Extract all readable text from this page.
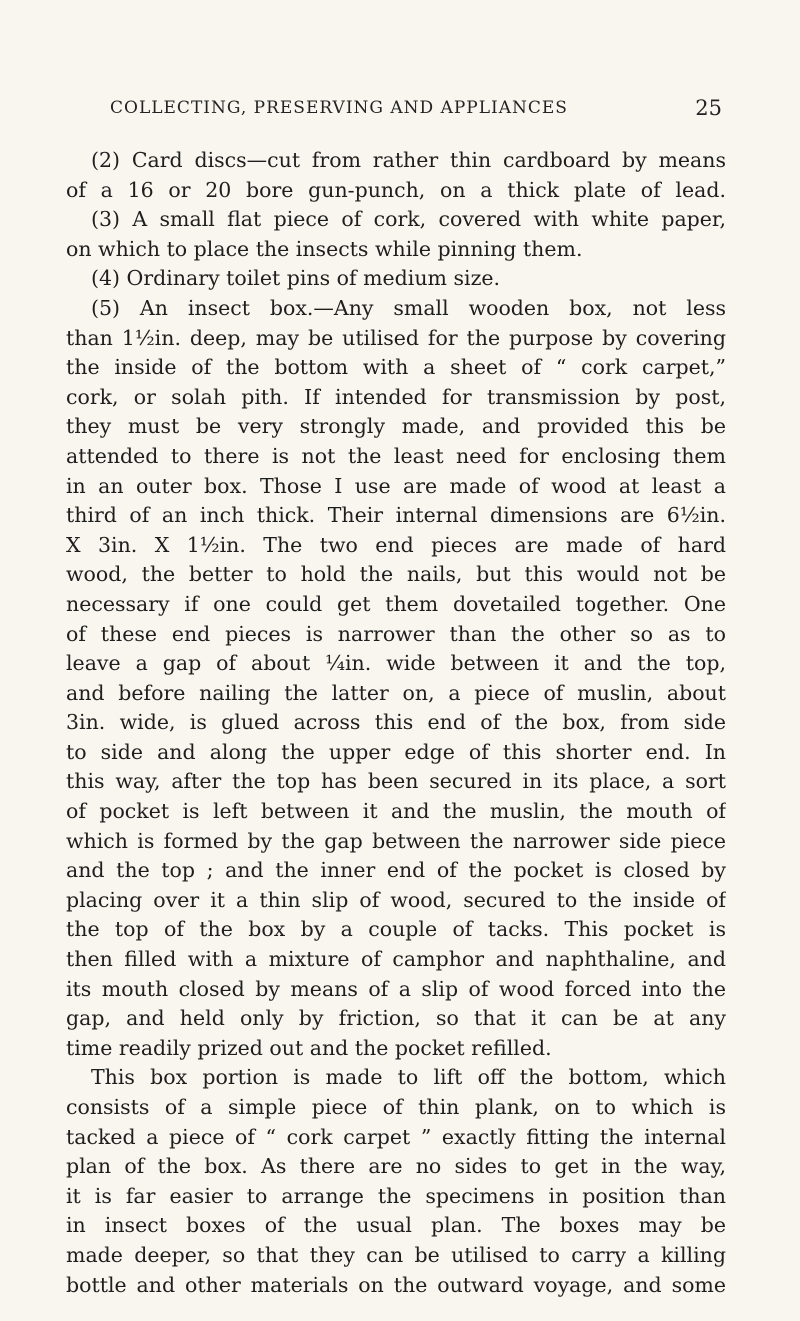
COLLECTING, PRESERVING AND APPLIANCES	25
(2) Card discs—cut from rather thin cardboard by means
of a 16 or 20 bore gun-punch, on a thick plate of lead.
(3) A small flat piece of cork, covered with white paper,
on which to place the insects while pinning them.
(4) Ordinary toilet pins of medium size.
(5) An insect box.—Any small wooden box, not less
than 1½in. deep, may be utilised for the purpose by covering
the inside of the bottom with a sheet of “ cork carpet,”
cork, or solah pith. If intended for transmission by post,
they must be very strongly made, and provided this be
attended to there is not the least need for enclosing them
in an outer box. Those I use are made of wood at least a
third of an inch thick. Their internal dimensions are 6½in.
X 3in. X 1½in. The two end pieces are made of hard
wood, the better to hold the nails, but this would not be
necessary if one could get them dovetailed together. One
of these end pieces is narrower than the other so as to
leave a gap of about ¼in. wide between it and the top,
and before nailing the latter on, a piece of muslin, about
3in. wide, is glued across this end of the box, from side
to side and along the upper edge of this shorter end. In
this way, after the top has been secured in its place, a sort
of pocket is left between it and the muslin, the mouth of
which is formed by the gap between the narrower side piece
and the top ; and the inner end of the pocket is closed by
placing over it a thin slip of wood, secured to the inside of
the top of the box by a couple of tacks. This pocket is
then filled with a mixture of camphor and naphthaline, and
its mouth closed by means of a slip of wood forced into the
gap, and held only by friction, so that it can be at any
time readily prized out and the pocket refilled.
This box portion is made to lift off the bottom, which
consists of a simple piece of thin plank, on to which is
tacked a piece of “ cork carpet ” exactly fitting the internal
plan of the box. As there are no sides to get in the way,
it is far easier to arrange the specimens in position than
in insect boxes of the usual plan. The boxes may be
made deeper, so that they can be utilised to carry a killing
bottle and other materials on the outward voyage, and some
